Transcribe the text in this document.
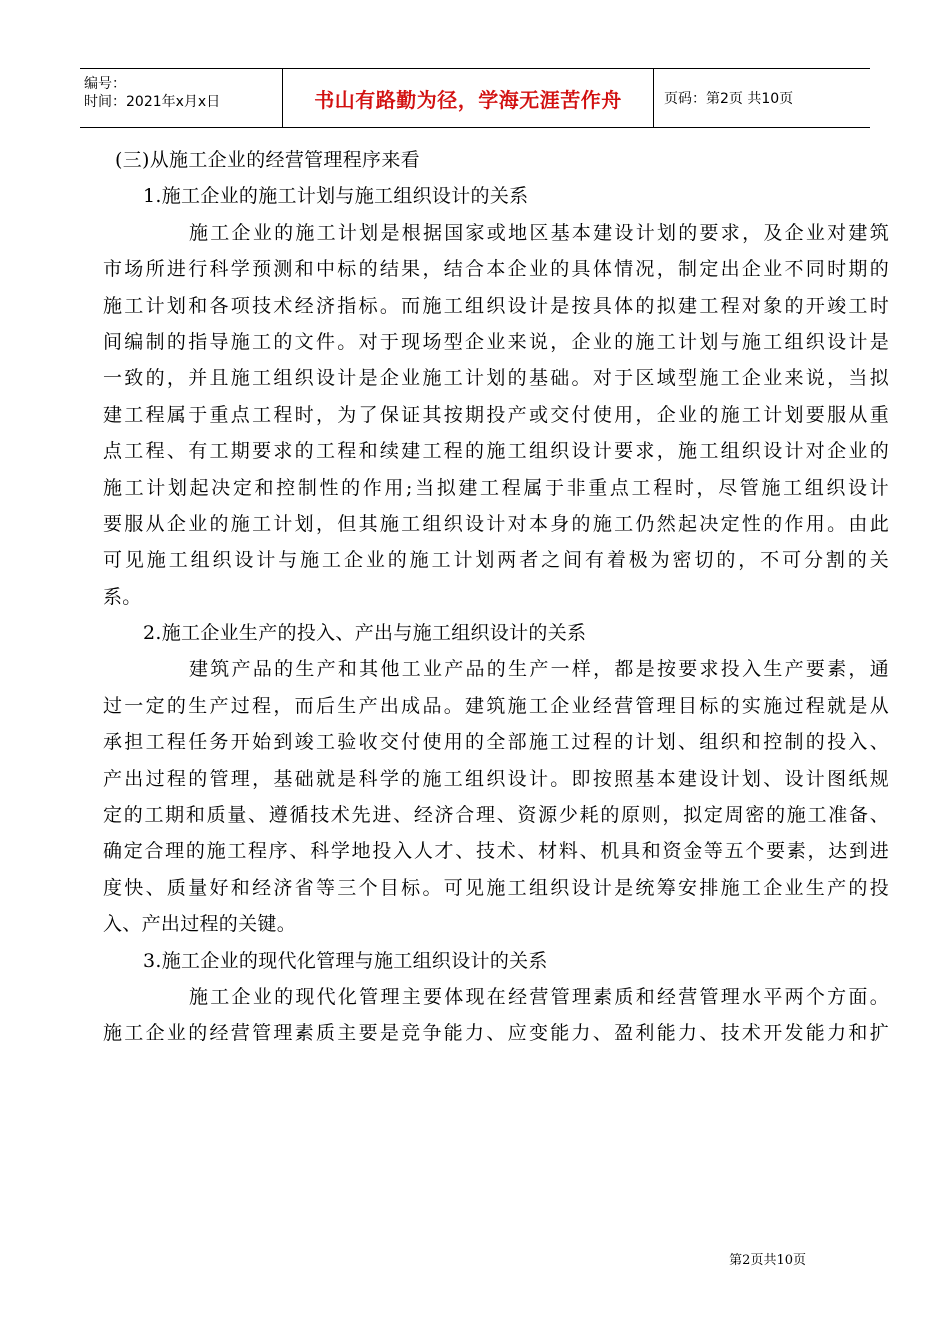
编号：
时间：2021年x月x日	书山有路勤为径，学海无涯苦作舟	页码：第2页 共10页
(三)从施工企业的经营管理程序来看
1.施工企业的施工计划与施工组织设计的关系
施工企业的施工计划是根据国家或地区基本建设计划的要求，及企业对建筑
市场所进行科学预测和中标的结果，结合本企业的具体情况，制定出企业不同时期的
施工计划和各项技术经济指标。而施工组织设计是按具体的拟建工程对象的开竣工时
间编制的指导施工的文件。对于现场型企业来说，企业的施工计划与施工组织设计是
一致的，并且施工组织设计是企业施工计划的基础。对于区域型施工企业来说，当拟
建工程属于重点工程时，为了保证其按期投产或交付使用，企业的施工计划要服从重
点工程、有工期要求的工程和续建工程的施工组织设计要求，施工组织设计对企业的
施工计划起决定和控制性的作用;当拟建工程属于非重点工程时，尽管施工组织设计
要服从企业的施工计划，但其施工组织设计对本身的施工仍然起决定性的作用。由此
可见施工组织设计与施工企业的施工计划两者之间有着极为密切的，不可分割的关
系。
2.施工企业生产的投入、产出与施工组织设计的关系
建筑产品的生产和其他工业产品的生产一样，都是按要求投入生产要素，通
过一定的生产过程，而后生产出成品。建筑施工企业经营管理目标的实施过程就是从
承担工程任务开始到竣工验收交付使用的全部施工过程的计划、组织和控制的投入、
产出过程的管理，基础就是科学的施工组织设计。即按照基本建设计划、设计图纸规
定的工期和质量、遵循技术先进、经济合理、资源少耗的原则，拟定周密的施工准备、
确定合理的施工程序、科学地投入人才、技术、材料、机具和资金等五个要素，达到进
度快、质量好和经济省等三个目标。可见施工组织设计是统筹安排施工企业生产的投
入、产出过程的关键。
3.施工企业的现代化管理与施工组织设计的关系
施工企业的现代化管理主要体现在经营管理素质和经营管理水平两个方面。
施工企业的经营管理素质主要是竞争能力、应变能力、盈利能力、技术开发能力和扩
第2页共10页
